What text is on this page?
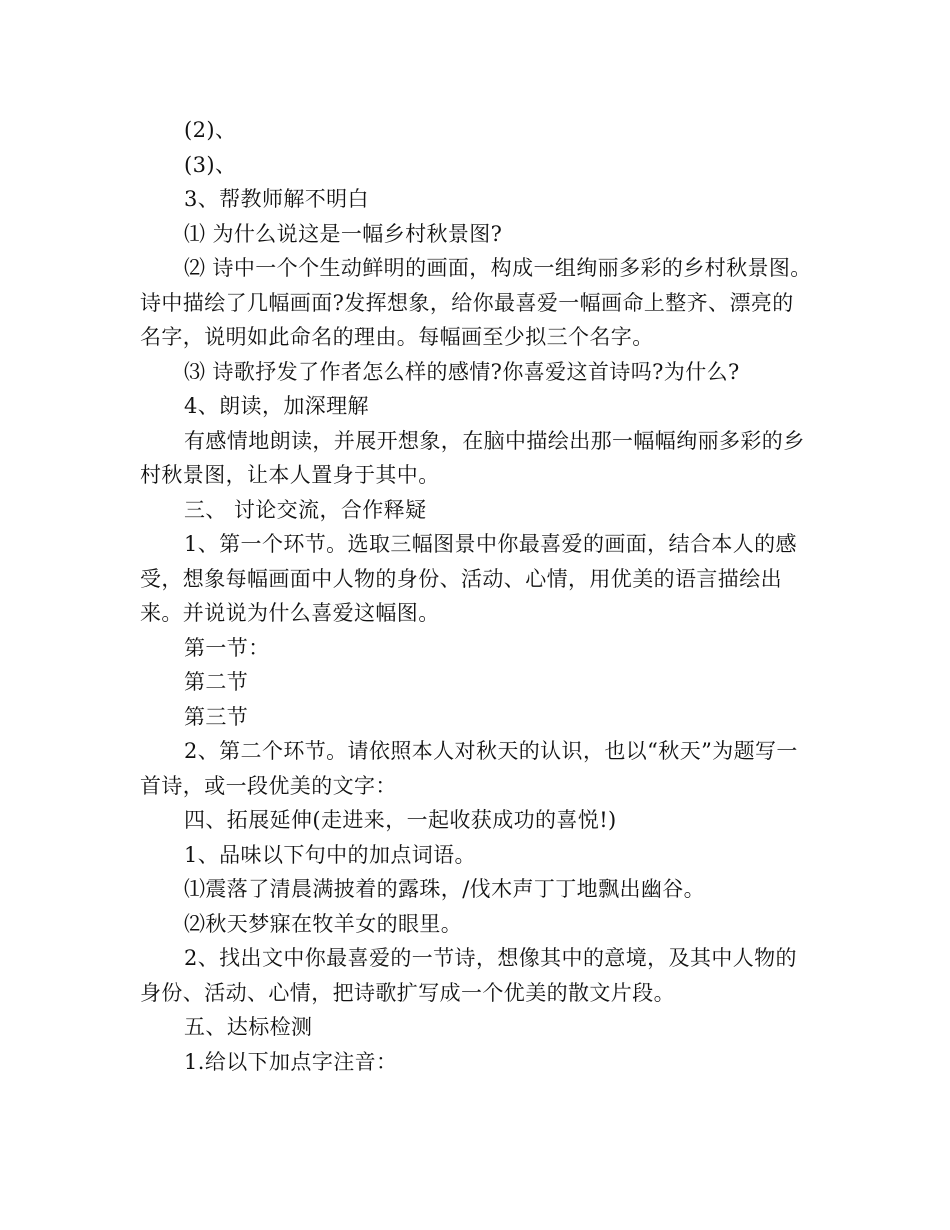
(2)、

(3)、

3、帮教师解不明白

⑴ 为什么说这是一幅乡村秋景图?

⑵ 诗中一个个生动鲜明的画面，构成一组绚丽多彩的乡村秋景图。诗中描绘了几幅画面?发挥想象，给你最喜爱一幅画命上整齐、漂亮的名字，说明如此命名的理由。每幅画至少拟三个名字。

⑶ 诗歌抒发了作者怎么样的感情?你喜爱这首诗吗?为什么?

4、朗读，加深理解

有感情地朗读，并展开想象，在脑中描绘出那一幅幅绚丽多彩的乡村秋景图，让本人置身于其中。

三、 讨论交流，合作释疑

1、第一个环节。选取三幅图景中你最喜爱的画面，结合本人的感受，想象每幅画面中人物的身份、活动、心情，用优美的语言描绘出来。并说说为什么喜爱这幅图。

第一节：

第二节

第三节

2、第二个环节。请依照本人对秋天的认识，也以“秋天”为题写一首诗，或一段优美的文字：

四、拓展延伸(走进来，一起收获成功的喜悦!)

1、品味以下句中的加点词语。

⑴震落了清晨满披着的露珠，/伐木声丁丁地飘出幽谷。

⑵秋天梦寐在牧羊女的眼里。

2、找出文中你最喜爱的一节诗，想像其中的意境，及其中人物的身份、活动、心情，把诗歌扩写成一个优美的散文片段。

五、达标检测

1.给以下加点字注音：
